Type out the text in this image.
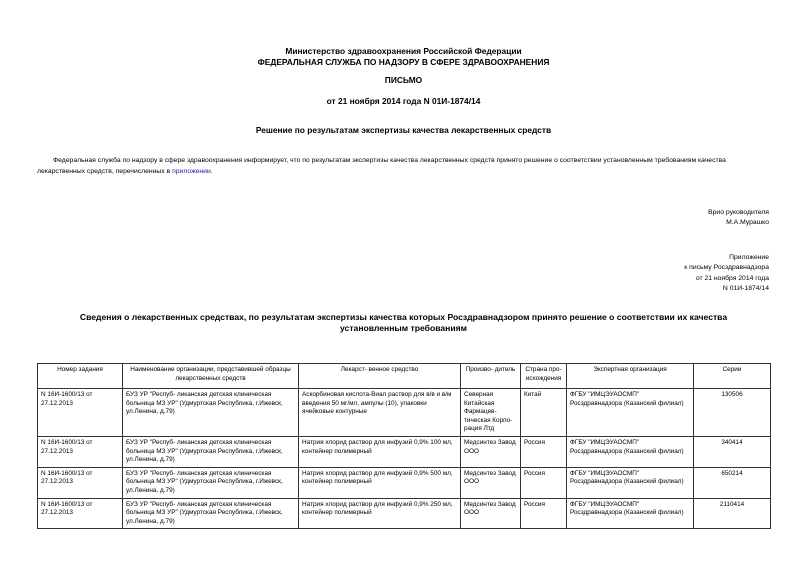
Министерство здравоохранения Российской Федерации
ФЕДЕРАЛЬНАЯ СЛУЖБА ПО НАДЗОРУ В СФЕРЕ ЗДРАВООХРАНЕНИЯ
ПИСЬМО
от 21 ноября 2014 года N 01И-1874/14
Решение по результатам экспертизы качества лекарственных средств
Федеральная служба по надзору в сфере здравоохранения информирует, что по результатам экспертизы качества лекарственных средств принято решение о соответствии установленным требованиям качества лекарственных средств, перечисленных в приложении.
Врио руководителя
М.А.Мурашко
Приложение
к письму Росздравнадзора
от 21 ноября 2014 года
N 01И-1874/14
Сведения о лекарственных средствах, по результатам экспертизы качества которых Росздравнадзором принято решение о соответствии их качества
установленным требованиям
Номер задания	Наименование организации, представившей образцы лекарственных средств	Лекарст- венное средство	Произво- дитель	Страна про- исхождения	Экспертная организация	Серии
N 16И-1600/13 от 27.12.2013	БУЗ УР "Респуб- ликанская детская клиническая больница МЗ УР" (Удмуртская Республика, г.Ижевск, ул.Ленина, д.79)	Аскорбиновая кислота-Виал раствор для в/в и в/м введения 50 мг/мл, ампулы (10), упаковки ячейковые контурные	Северная Китайская Фармацев- тическая Корпо- рация Лтд	Китай	ФГБУ "ИМЦЭУАОСМП" Росздравнадзора (Казанский филиал)	130506
N 16И-1600/13 от 27.12.2013	БУЗ УР "Респуб- ликанская детская клиническая больница МЗ УР" (Удмуртская Республика, г.Ижевск, ул.Ленина, д.79)	Натрия хлорид раствор для инфузий 0,9% 100 мл, контейнер полимерный	Медсинтез Завод ООО	Россия	ФГБУ "ИМЦЭУАОСМП" Росздравнадзора (Казанский филиал)	340414
N 16И-1600/13 от 27.12.2013	БУЗ УР "Респуб- ликанская детская клиническая больница МЗ УР" (Удмуртская Республика, г.Ижевск, ул.Ленина, д.79)	Натрия хлорид раствор для инфузий 0,9% 500 мл, контейнер полимерный	Медсинтез Завод ООО	Россия	ФГБУ "ИМЦЭУАОСМП" Росздравнадзора (Казанский филиал)	650214
N 16И-1600/13 от 27.12.2013	БУЗ УР "Респуб- ликанская детская клиническая больница МЗ УР" (Удмуртская Республика, г.Ижевск, ул.Ленина, д.79)	Натрия хлорид раствор для инфузий 0,9% 250 мл, контейнер полимерный	Медсинтез Завод ООО	Россия	ФГБУ "ИМЦЭУАОСМП" Росздравнадзора (Казанский филиал)	2110414
